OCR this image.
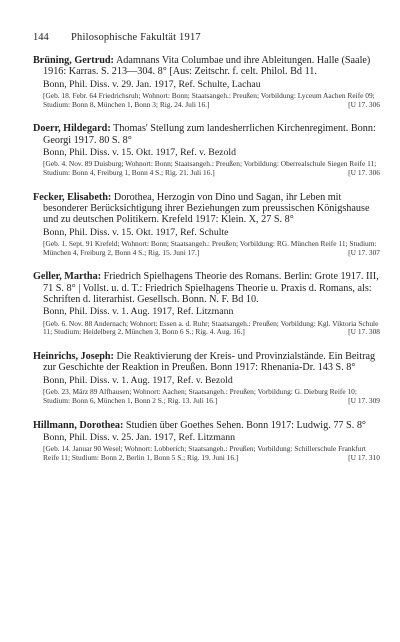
144	Philosophische Fakultät 1917

Brüning, Gertrud: Adamnans Vita Columbae und ihre Ableitungen. Halle (Saale) 1916: Karras. S. 213—304. 8° [Aus: Zeitschr. f. celt. Philol. Bd 11.

Bonn, Phil. Diss. v. 29. Jan. 1917, Ref. Schulte, Lachau

[Geb. 18. Febr. 64 Friedrichsruh; Wohnort: Bonn; Staatsangeh.: Preußen; Vorbildung: Lyceum Aachen Reife 09; Studium: Bonn 8, München 1, Bonn 3; Rig. 24. Juli 16.]	[U 17. 306

Doerr, Hildegard: Thomas' Stellung zum landesherrlichen Kirchenregiment. Bonn: Georgi 1917. 80 S. 8°

Bonn, Phil. Diss. v. 15. Okt. 1917, Ref. v. Bezold

[Geb. 4. Nov. 89 Duisburg; Wohnort: Bonn; Staatsangeh.: Preußen; Vorbildung: Oberrealschule Siegen Reife 11; Studium: Bonn 4, Freiburg 1, Bonn 4 S.; Rig. 21. Juli 16.]	[U 17. 306

Fecker, Elisabeth: Dorothea, Herzogin von Dino und Sagan, ihr Leben mit besonderer Berücksichtigung ihrer Beziehungen zum preussischen Königshause und zu deutschen Politikern. Krefeld 1917: Klein. X, 27 S. 8°

Bonn, Phil. Diss. v. 15. Okt. 1917, Ref. Schulte

[Geb. 1. Sept. 91 Krefeld; Wohnort: Bonn; Staatsangeh.: Preußen; Vorbildung: RG. München Reife 11; Studium: München 4, Freiburg 2, Bonn 4 S.; Rig. 15. Juni 17.]	[U 17. 307

Geller, Martha: Friedrich Spielhagens Theorie des Romans. Berlin: Grote 1917. III, 71 S. 8° | Vollst. u. d. T.: Friedrich Spielhagens Theorie u. Praxis d. Romans, als: Schriften d. literarhist. Gesellsch. Bonn. N. F. Bd 10.

Bonn, Phil. Diss. v. 1. Aug. 1917, Ref. Litzmann

[Geb. 6. Nov. 88 Andernach; Wohnort: Essen a. d. Ruhr; Staatsangeh.: Preußen; Vorbildung: Kgl. Viktoria Schule 11; Studium: Heidelberg 2, München 3, Bonn 6 S.; Rig. 4. Aug. 16.]	[U 17. 308

Heinrichs, Joseph: Die Reaktivierung der Kreis- und Provinzialstände. Ein Beitrag zur Geschichte der Reaktion in Preußen. Bonn 1917: Rhenania-Dr. 143 S. 8°

Bonn, Phil. Diss. v. 1. Aug. 1917, Ref. v. Bezold

[Geb. 23. März 89 Alfhausen; Wohnort: Aachen; Staatsangeh.: Preußen; Vorbildung: G. Dieburg Reife 10; Studium: Bonn 6, München 1, Bonn 2 S.; Rig. 13. Juli 16.]	[U 17. 309

Hillmann, Dorothea: Studien über Goethes Sehen. Bonn 1917: Ludwig. 77 S. 8°

Bonn, Phil. Diss. v. 25. Jan. 1917, Ref. Litzmann

[Geb. 14. Januar 90 Wesel; Wohnort: Lobberich; Staatsangeh.: Preußen; Vorbildung: Schillerschule Frankfurt Reife 11; Studium: Bonn 2, Berlin 1, Bonn 5 S.; Rig. 19. Juni 16.]	[U 17. 310
